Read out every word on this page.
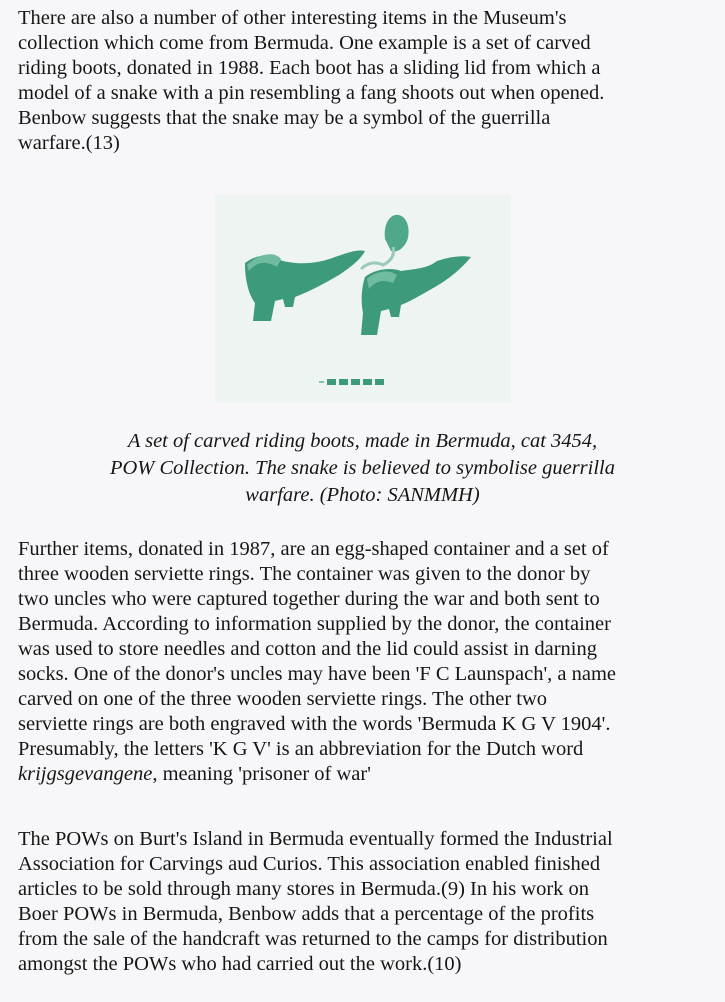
There are also a number of other interesting items in the Museum's
collection which come from Bermuda. One example is a set of carved
riding boots, donated in 1988. Each boot has a sliding lid from which a
model of a snake with a pin resembling a fang shoots out when opened.
Benbow suggests that the snake may be a symbol of the guerrilla
warfare.(13)
A set of carved riding boots, made in Bermuda, cat 3454,
POW Collection. The snake is believed to symbolise guerrilla
warfare. (Photo: SANMMH)
Further items, donated in 1987, are an egg-shaped container and a set of
three wooden serviette rings. The container was given to the donor by
two uncles who were captured together during the war and both sent to
Bermuda. According to information supplied by the donor, the container
was used to store needles and cotton and the lid could assist in darning
socks. One of the donor's uncles may have been 'F C Launspach', a name
carved on one of the three wooden serviette rings. The other two
serviette rings are both engraved with the words 'Bermuda K G V 1904'.
Presumably, the letters 'K G V' is an abbreviation for the Dutch word
krijgsgevangene, meaning 'prisoner of war'
The POWs on Burt's Island in Bermuda eventually formed the Industrial
Association for Carvings aud Curios. This association enabled finished
articles to be sold through many stores in Bermuda.(9) In his work on
Boer POWs in Bermuda, Benbow adds that a percentage of the profits
from the sale of the handcraft was returned to the camps for distribution
amongst the POWs who had carried out the work.(10)
